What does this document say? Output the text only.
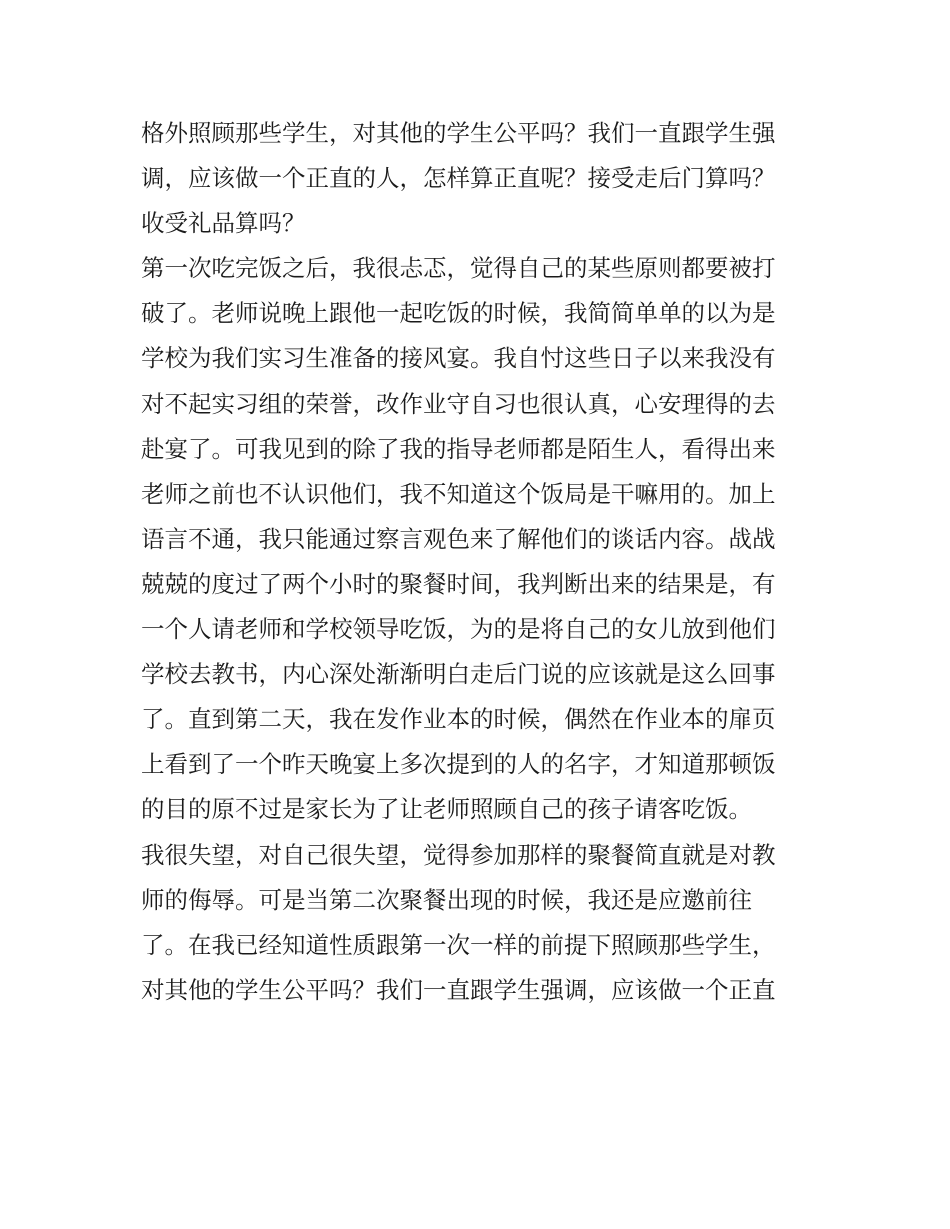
格外照顾那些学生，对其他的学生公平吗？我们一直跟学生强
调，应该做一个正直的人，怎样算正直呢？接受走后门算吗？
收受礼品算吗？
第一次吃完饭之后，我很忐忑，觉得自己的某些原则都要被打
破了。老师说晚上跟他一起吃饭的时候，我简简单单的以为是
学校为我们实习生准备的接风宴。我自忖这些日子以来我没有
对不起实习组的荣誉，改作业守自习也很认真，心安理得的去
赴宴了。可我见到的除了我的指导老师都是陌生人，看得出来
老师之前也不认识他们，我不知道这个饭局是干嘛用的。加上
语言不通，我只能通过察言观色来了解他们的谈话内容。战战
兢兢的度过了两个小时的聚餐时间，我判断出来的结果是，有
一个人请老师和学校领导吃饭，为的是将自己的女儿放到他们
学校去教书，内心深处渐渐明白走后门说的应该就是这么回事
了。直到第二天，我在发作业本的时候，偶然在作业本的扉页
上看到了一个昨天晚宴上多次提到的人的名字，才知道那顿饭
的目的原不过是家长为了让老师照顾自己的孩子请客吃饭。
我很失望，对自己很失望，觉得参加那样的聚餐简直就是对教
师的侮辱。可是当第二次聚餐出现的时候，我还是应邀前往
了。在我已经知道性质跟第一次一样的前提下照顾那些学生，
对其他的学生公平吗？我们一直跟学生强调，应该做一个正直
